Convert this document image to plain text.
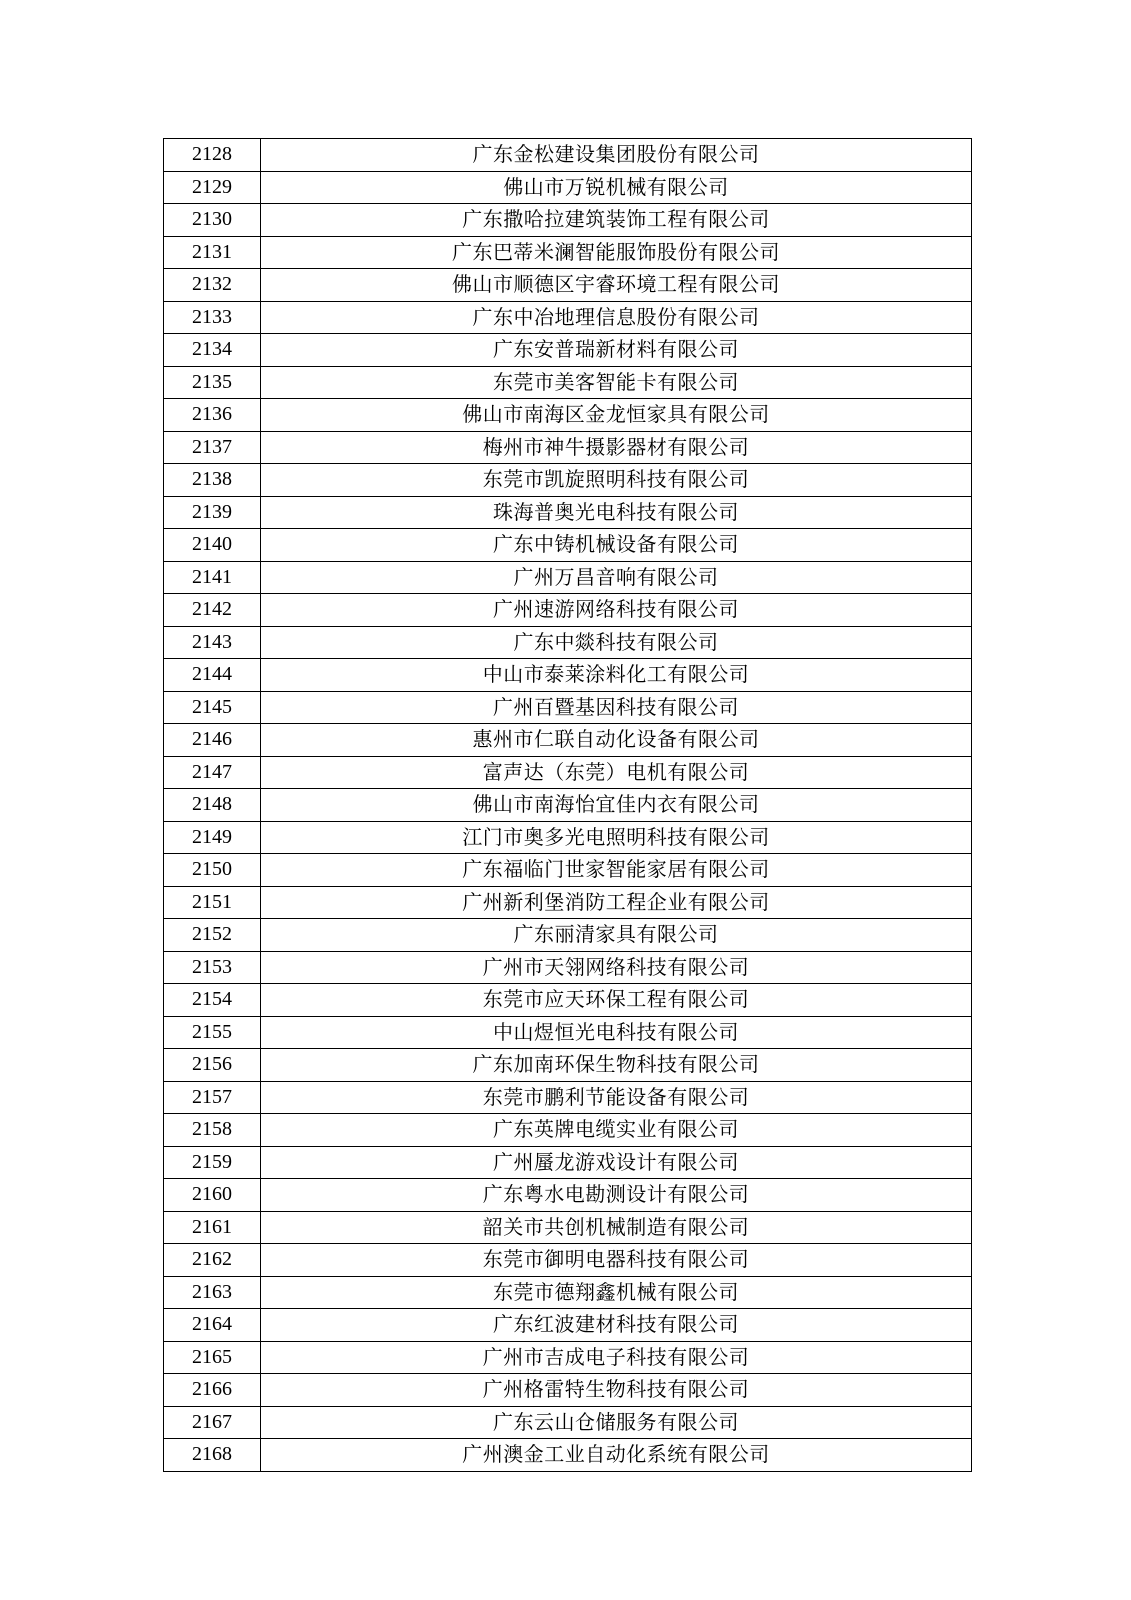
2128	广东金松建设集团股份有限公司
2129	佛山市万锐机械有限公司
2130	广东撒哈拉建筑装饰工程有限公司
2131	广东巴蒂米澜智能服饰股份有限公司
2132	佛山市顺德区宇睿环境工程有限公司
2133	广东中冶地理信息股份有限公司
2134	广东安普瑞新材料有限公司
2135	东莞市美客智能卡有限公司
2136	佛山市南海区金龙恒家具有限公司
2137	梅州市神牛摄影器材有限公司
2138	东莞市凯旋照明科技有限公司
2139	珠海普奥光电科技有限公司
2140	广东中铸机械设备有限公司
2141	广州万昌音响有限公司
2142	广州速游网络科技有限公司
2143	广东中燚科技有限公司
2144	中山市泰莱涂料化工有限公司
2145	广州百暨基因科技有限公司
2146	惠州市仁联自动化设备有限公司
2147	富声达（东莞）电机有限公司
2148	佛山市南海怡宜佳内衣有限公司
2149	江门市奥多光电照明科技有限公司
2150	广东福临门世家智能家居有限公司
2151	广州新利堡消防工程企业有限公司
2152	广东丽清家具有限公司
2153	广州市天翎网络科技有限公司
2154	东莞市应天环保工程有限公司
2155	中山煜恒光电科技有限公司
2156	广东加南环保生物科技有限公司
2157	东莞市鹏利节能设备有限公司
2158	广东英牌电缆实业有限公司
2159	广州蜃龙游戏设计有限公司
2160	广东粤水电勘测设计有限公司
2161	韶关市共创机械制造有限公司
2162	东莞市御明电器科技有限公司
2163	东莞市德翔鑫机械有限公司
2164	广东红波建材科技有限公司
2165	广州市吉成电子科技有限公司
2166	广州格雷特生物科技有限公司
2167	广东云山仓储服务有限公司
2168	广州澳金工业自动化系统有限公司
